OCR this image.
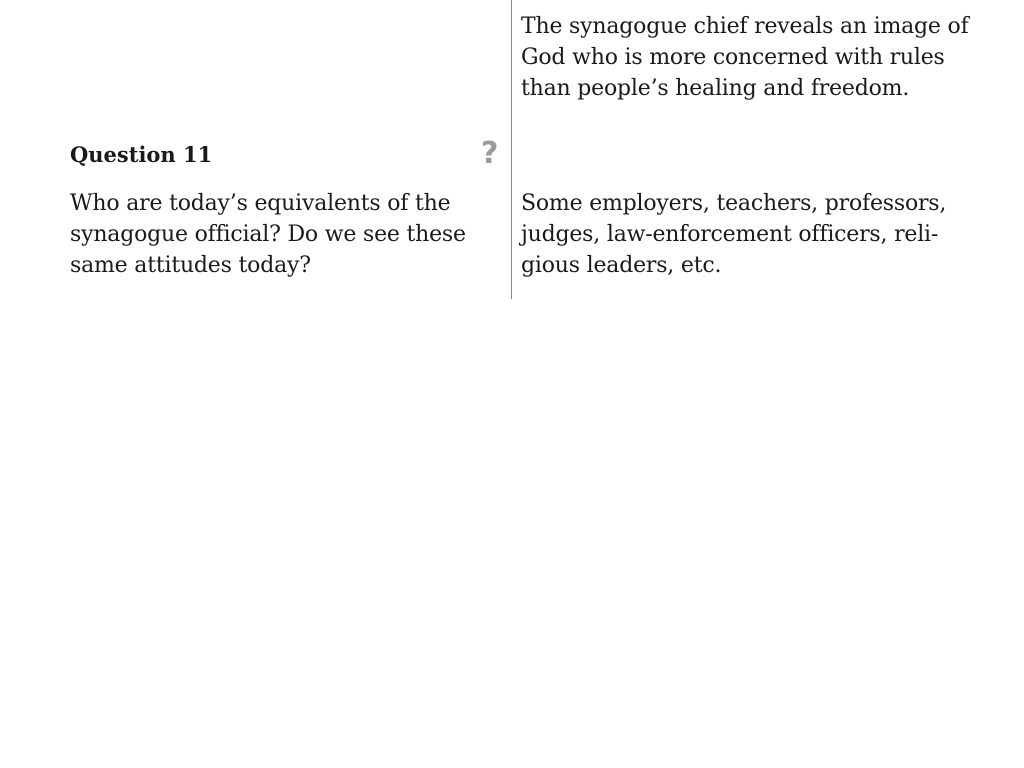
The synagogue chief reveals an image of
God who is more concerned with rules
than people’s healing and freedom.
Question 11	?
Who are today’s equivalents of the
synagogue official? Do we see these
same attitudes today?
Some employers, teachers, professors,
judges, law-enforcement officers, reli-
gious leaders, etc.
